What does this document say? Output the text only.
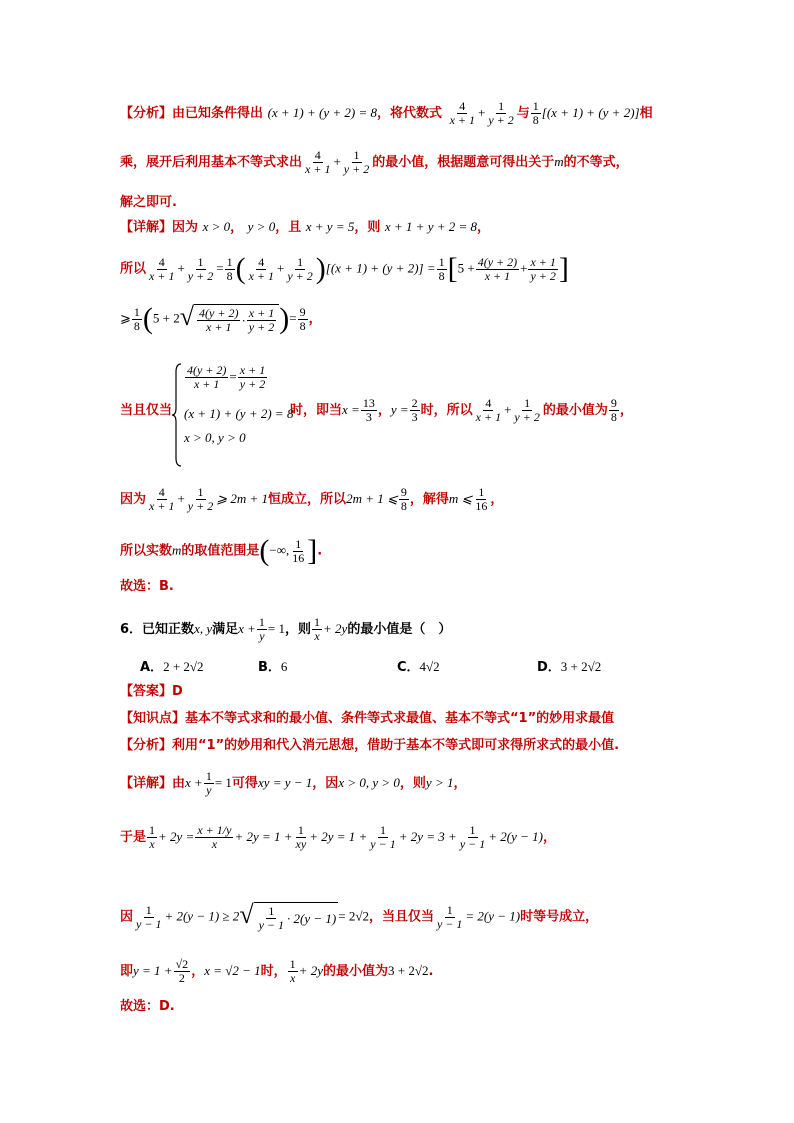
【分析】由已知条件得出 (x + 1) + (y + 2) = 8，将代数式 $\frac{4}{x + 1} + \frac{1}{y + 2}$ 与 $\frac{1}{8} [(x + 1) + (y + 2)]$相
乘，展开后利用基本不等式求出 $\frac{4}{x + 1} + \frac{1}{y + 2}$ 的最小值，根据题意可得出关于m的不等式，
解之即可.
【详解】因为 x > 0， y > 0，且 x + y = 5，则 x + 1 + y + 2 = 8，
所以 $\frac{4}{x + 1} + \frac{1}{y + 2} = \frac{1}{8}$ ( $\frac{4}{x + 1} + \frac{1}{y + 2} )[(x + 1) + (y + 2)] = \frac{1}{8} [5 + \frac{4(y + 2)}{x + 1} + \frac{x + 1}{y + 2}$ ]
⩾ $\frac{1}{8} (5 + 2$ √ $\frac{4(y + 2)}{x + 1} \cdot \frac{x + 1}{y + 2}$ )= $\frac{9}{8}$ ，
当且仅当
$\frac{4(y + 2)}{x + 1} = \frac{x + 1}{y + 2}$
(x + 1) + (y + 2) = 8
x > 0, y > 0
时，即当$x = \frac{13}{3}$ ，$y = \frac{2}{3}$ 时，所以 $\frac{4}{x + 1} + \frac{1}{y + 2}$ 的最小值为 $\frac{9}{8}$ ，
因为 $\frac{4}{x + 1} + \frac{1}{y + 2}$ ⩾ 2m + 1恒成立，所以2m + 1 ⩽ $\frac{9}{8}$ ，解得m ⩽ $\frac{1}{16}$ ，
所以实数m的取值范围是(−∞, $\frac{1}{16}$ ].
故选：B.
6．已知正数x, y满足$x + \frac{1}{y} = 1$，则 $\frac{1}{x} + 2y$的最小值是（　）
A．2 + 2√2	B．6	C．4√2	D．3 + 2√2
【答案】D
【知识点】基本不等式求和的最小值、条件等式求最值、基本不等式“1”的妙用求最值
【分析】利用“1”的妙用和代入消元思想，借助于基本不等式即可求得所求式的最小值.
【详解】由$x + \frac{1}{y} = 1$可得xy = y − 1，因x > 0, y > 0，则y > 1，
于是 $\frac{1}{x} + 2y = \frac{x + 1/y}{x} + 2y = 1 + \frac{1}{xy} + 2y = 1 + \frac{1}{y - 1} + 2y = 3 + \frac{1}{y - 1} + 2(y - 1)$，
因 $\frac{1}{y - 1} + 2(y - 1) \ge 2$ √ $\frac{1}{y - 1} \cdot 2(y - 1) = 2√2$，当且仅当 $\frac{1}{y - 1} = 2(y - 1)$时等号成立，
即$y = 1 + \frac{√2}{2}$ ，x = √2 − 1时， $\frac{1}{x} + 2y$的最小值为3 + 2√2.
故选：D.
